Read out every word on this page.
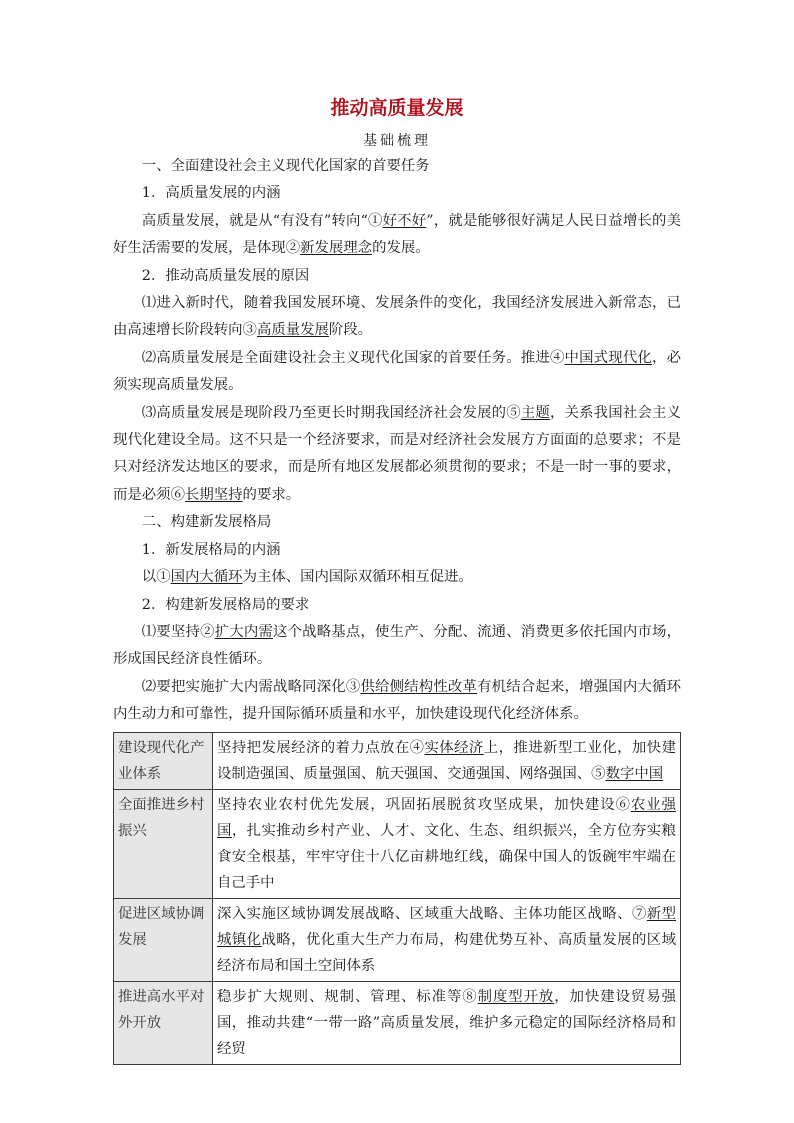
推动高质量发展
基础梳理

一、全面建设社会主义现代化国家的首要任务

1．高质量发展的内涵

高质量发展，就是从“有没有”转向“①好不好”，就是能够很好满足人民日益增长的美好生活需要的发展，是体现②新发展理念的发展。

2．推动高质量发展的原因

⑴进入新时代，随着我国发展环境、发展条件的变化，我国经济发展进入新常态，已由高速增长阶段转向③高质量发展阶段。

⑵高质量发展是全面建设社会主义现代化国家的首要任务。推进④中国式现代化，必须实现高质量发展。

⑶高质量发展是现阶段乃至更长时期我国经济社会发展的⑤主题，关系我国社会主义现代化建设全局。这不只是一个经济要求，而是对经济社会发展方方面面的总要求；不是只对经济发达地区的要求，而是所有地区发展都必须贯彻的要求；不是一时一事的要求，而是必须⑥长期坚持的要求。

二、构建新发展格局

1．新发展格局的内涵

以①国内大循环为主体、国内国际双循环相互促进。

2．构建新发展格局的要求

⑴要坚持②扩大内需这个战略基点，使生产、分配、流通、消费更多依托国内市场，形成国民经济良性循环。

⑵要把实施扩大内需战略同深化③供给侧结构性改革有机结合起来，增强国内大循环内生动力和可靠性，提升国际循环质量和水平，加快建设现代化经济体系。

建设现代化产业体系	坚持把发展经济的着力点放在④实体经济上，推进新型工业化，加快建设制造强国、质量强国、航天强国、交通强国、网络强国、⑤数字中国
全面推进乡村振兴	坚持农业农村优先发展，巩固拓展脱贫攻坚成果，加快建设⑥农业强国，扎实推动乡村产业、人才、文化、生态、组织振兴，全方位夯实粮食安全根基，牢牢守住十八亿亩耕地红线，确保中国人的饭碗牢牢端在自己手中
促进区域协调发展	深入实施区域协调发展战略、区域重大战略、主体功能区战略、⑦新型城镇化战略，优化重大生产力布局，构建优势互补、高质量发展的区域经济布局和国土空间体系
推进高水平对外开放	稳步扩大规则、规制、管理、标准等⑧制度型开放，加快建设贸易强国，推动共建“一带一路”高质量发展，维护多元稳定的国际经济格局和经贸
